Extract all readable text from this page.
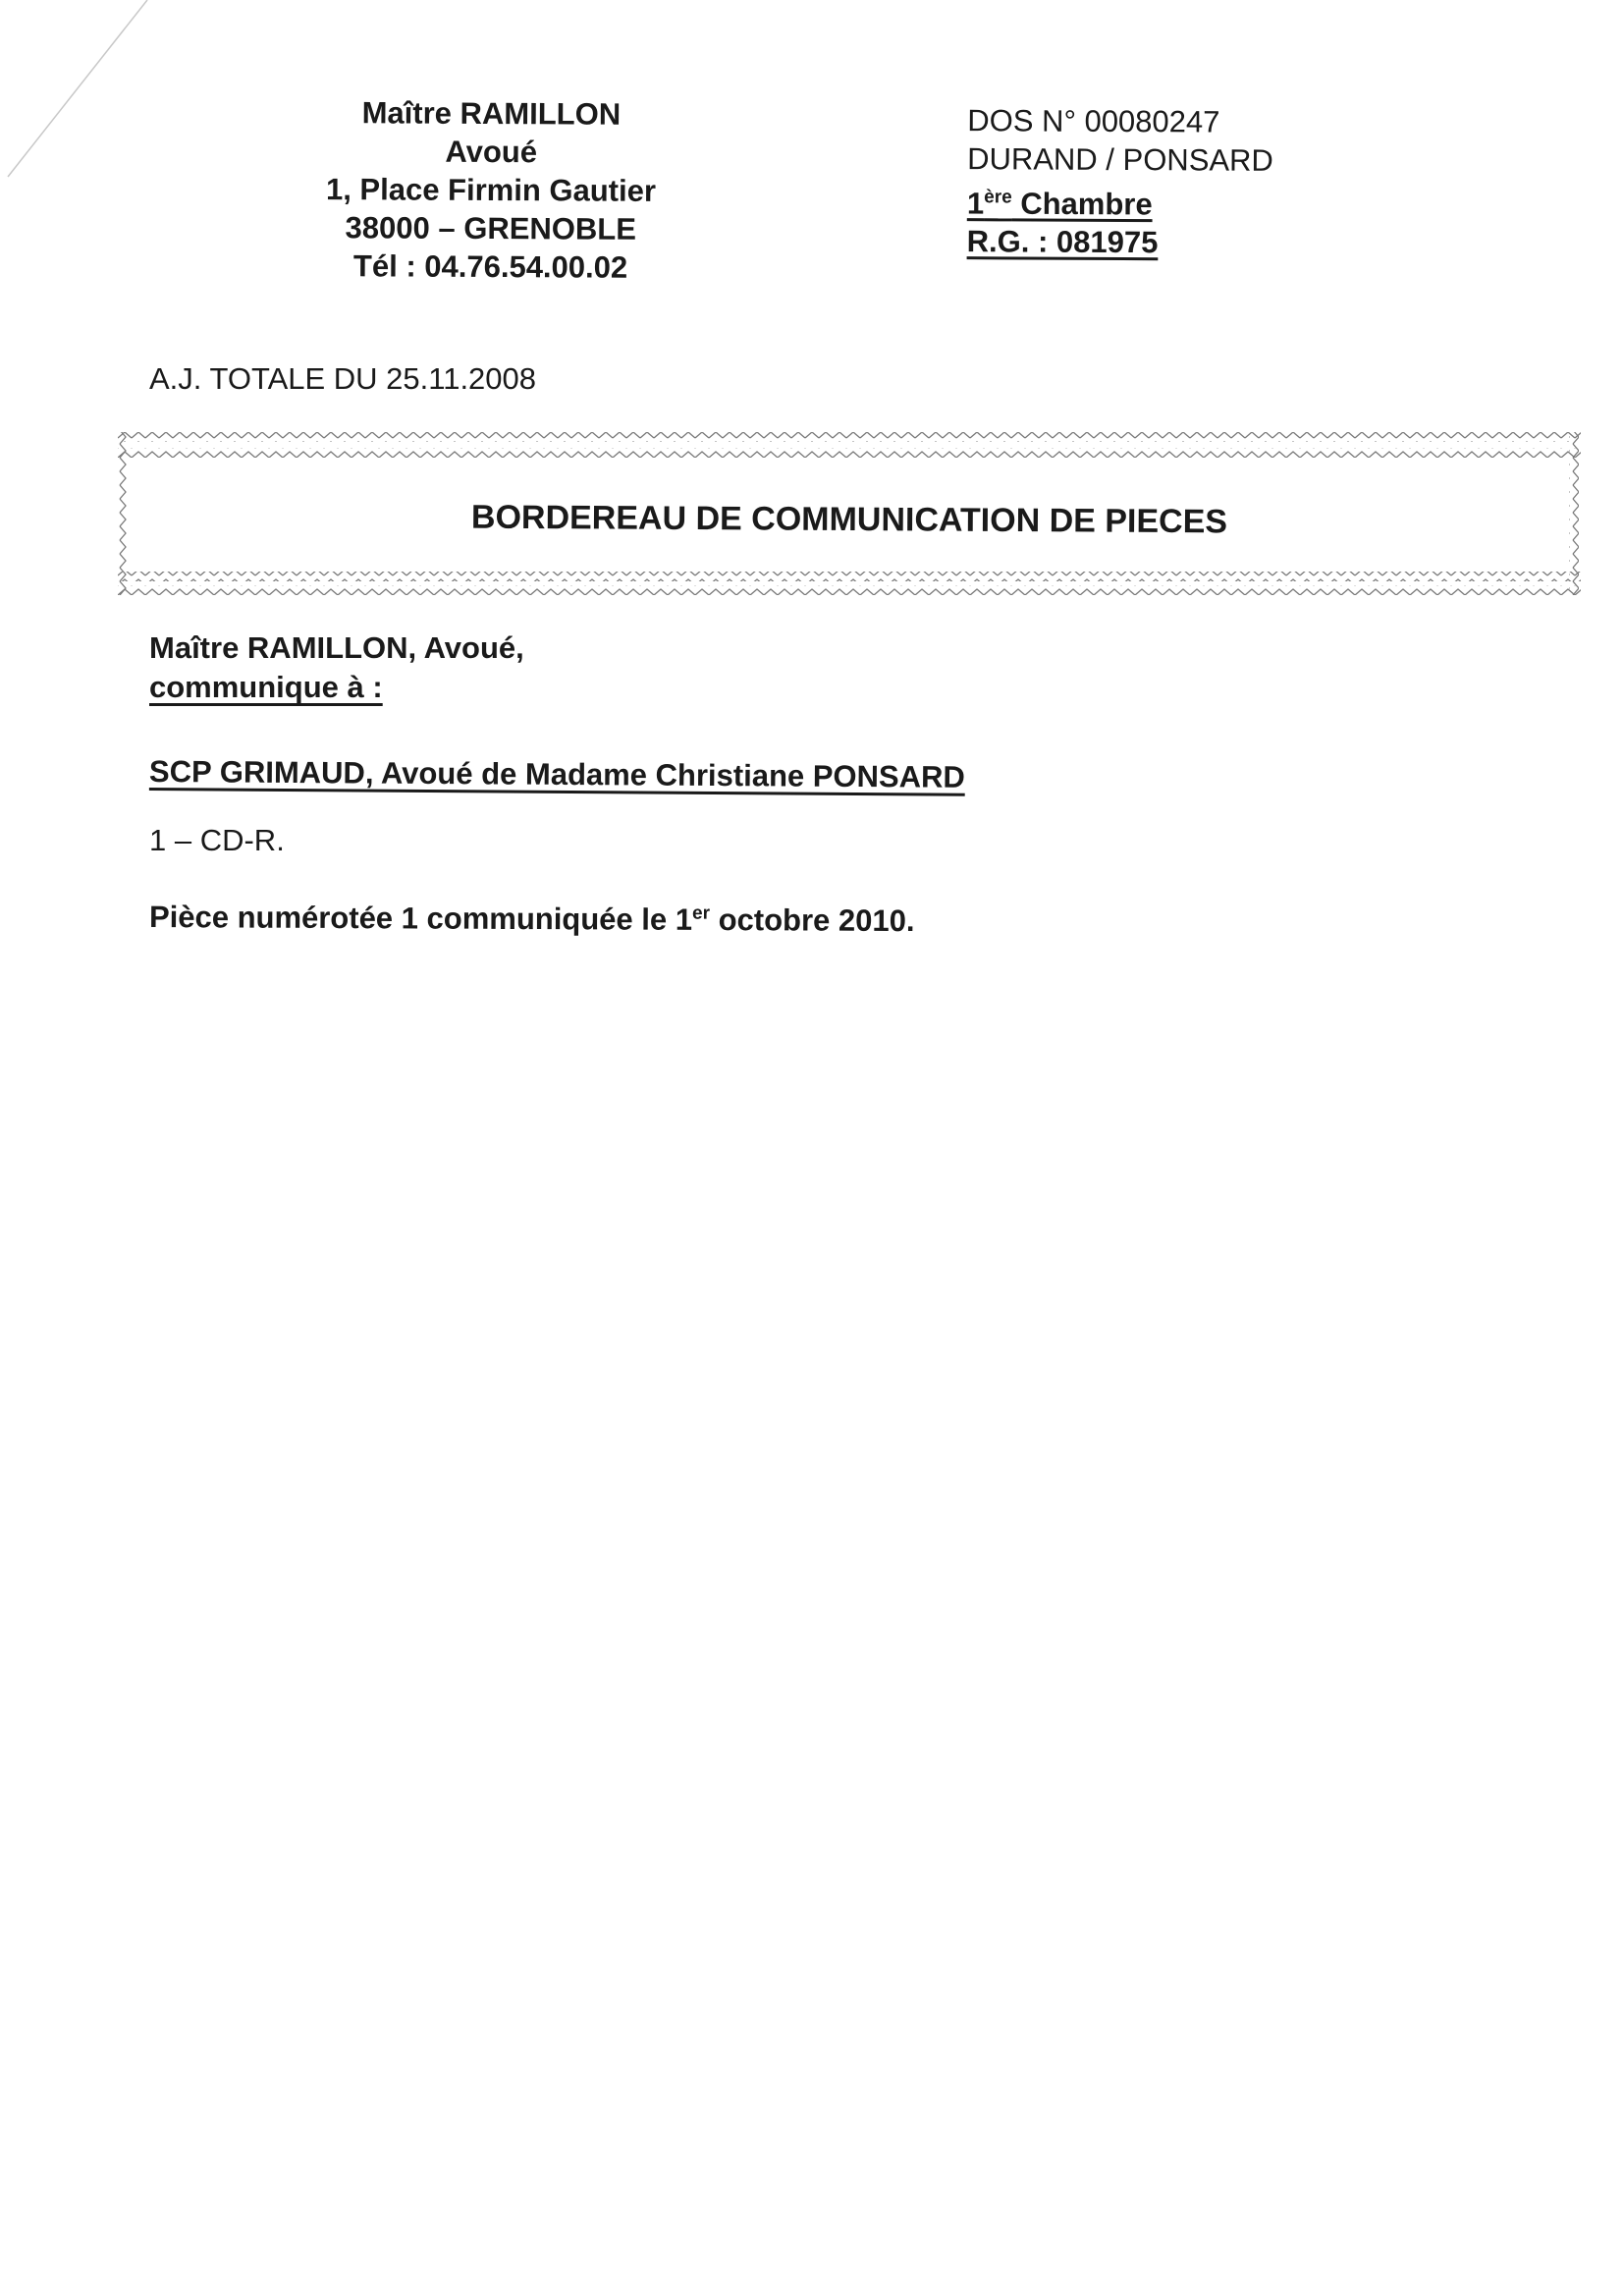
Maître RAMILLON
Avoué
1, Place Firmin Gautier
38000 – GRENOBLE
Tél : 04.76.54.00.02
DOS N° 00080247
DURAND / PONSARD
1ère Chambre
R.G. : 081975
A.J. TOTALE DU 25.11.2008
BORDEREAU DE COMMUNICATION DE PIECES
Maître RAMILLON, Avoué,
communique à :
SCP GRIMAUD, Avoué de Madame Christiane PONSARD
1 – CD-R.
Pièce numérotée 1 communiquée le 1er octobre 2010.
